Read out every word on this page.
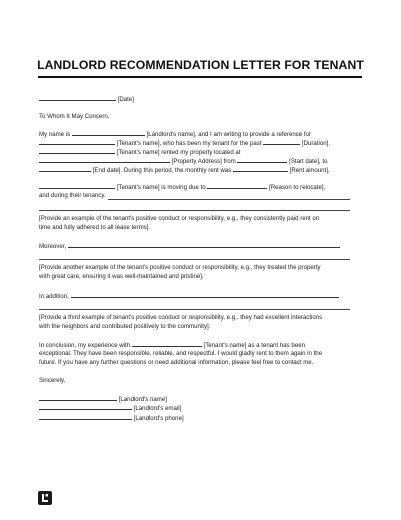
LANDLORD RECOMMENDATION LETTER FOR TENANT
[Date]
To Whom It May Concern,
My name is	[Landlord's name], and I am writing to provide a reference for
[Tenant's name], who has been my tenant for the past	[Duration].
[Tenant's name] rented my property located at
[Property Address] from	[Start date], to
[End date]. During this period, the monthly rent was	[Rent amount].
[Tenant's name] is moving due to	[Reason to relocate],
and during their tenancy.
[Provide an example of the tenant's positive conduct or responsibility, e.g., they consistently paid rent on
time and fully adhered to all lease terms].
Moreover,
[Provide another example of the tenant's positive conduct or responsibility, e.g., they treated the property
with great care, ensuring it was well-maintained and pristine].
In addition,
[Provide a third example of tenant's positive conduct or responsibility, e.g., they had excellent interactions
with the neighbors and contributed positively to the community].
In conclusion, my experience with	[Tenant's name] as a tenant has been
exceptional. They have been responsible, reliable, and respectful. I would gladly rent to them again in the
future. If you have any further questions or need additional information, please feel free to contact me.
Sincerely,
[Landlord's name]
[Landlord's email]
[Landlord's phone]
